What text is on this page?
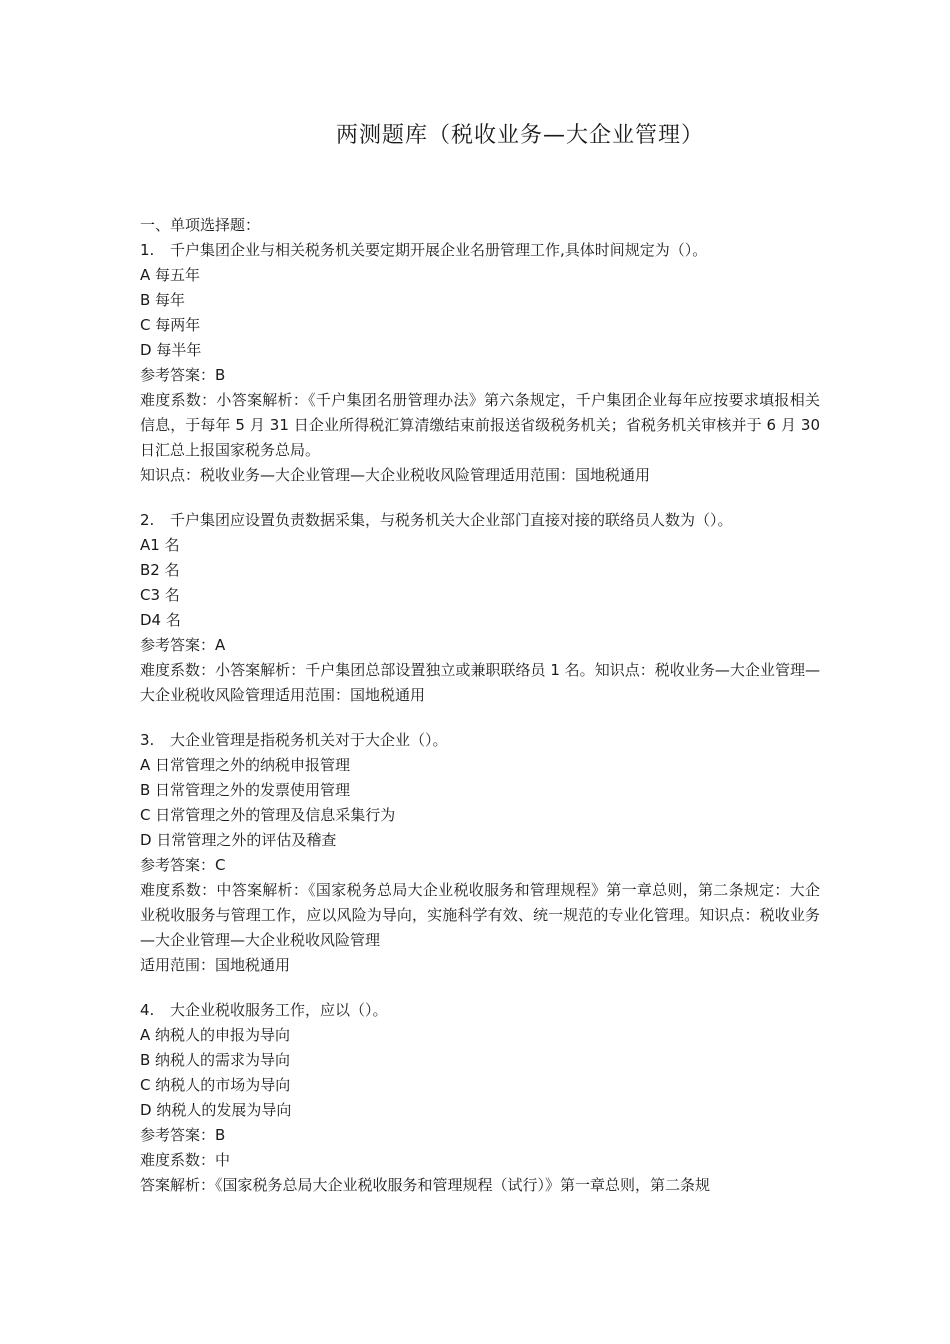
两测题库（税收业务—大企业管理）
一、单项选择题：
1. 千户集团企业与相关税务机关要定期开展企业名册管理工作,具体时间规定为（）。
A 每五年
B 每年
C 每两年
D 每半年
参考答案：B
难度系数：小答案解析：《千户集团名册管理办法》第六条规定，千户集团企业每年应按要求填报相关信息，于每年 5 月 31 日企业所得税汇算清缴结束前报送省级税务机关；省税务机关审核并于 6 月 30 日汇总上报国家税务总局。
知识点：税收业务—大企业管理—大企业税收风险管理适用范围：国地税通用
2. 千户集团应设置负责数据采集，与税务机关大企业部门直接对接的联络员人数为（）。
A1 名
B2 名
C3 名
D4 名
参考答案：A
难度系数：小答案解析：千户集团总部设置独立或兼职联络员 1 名。知识点：税收业务—大企业管理—大企业税收风险管理适用范围：国地税通用
3. 大企业管理是指税务机关对于大企业（）。
A 日常管理之外的纳税申报管理
B 日常管理之外的发票使用管理
C 日常管理之外的管理及信息采集行为
D 日常管理之外的评估及稽查
参考答案：C
难度系数：中答案解析：《国家税务总局大企业税收服务和管理规程》第一章总则，第二条规定：大企业税收服务与管理工作，应以风险为导向，实施科学有效、统一规范的专业化管理。知识点：税收业务—大企业管理—大企业税收风险管理
适用范围：国地税通用
4. 大企业税收服务工作，应以（）。
A 纳税人的申报为导向
B 纳税人的需求为导向
C 纳税人的市场为导向
D 纳税人的发展为导向
参考答案：B
难度系数：中
答案解析：《国家税务总局大企业税收服务和管理规程（试行）》第一章总则，第二条规
